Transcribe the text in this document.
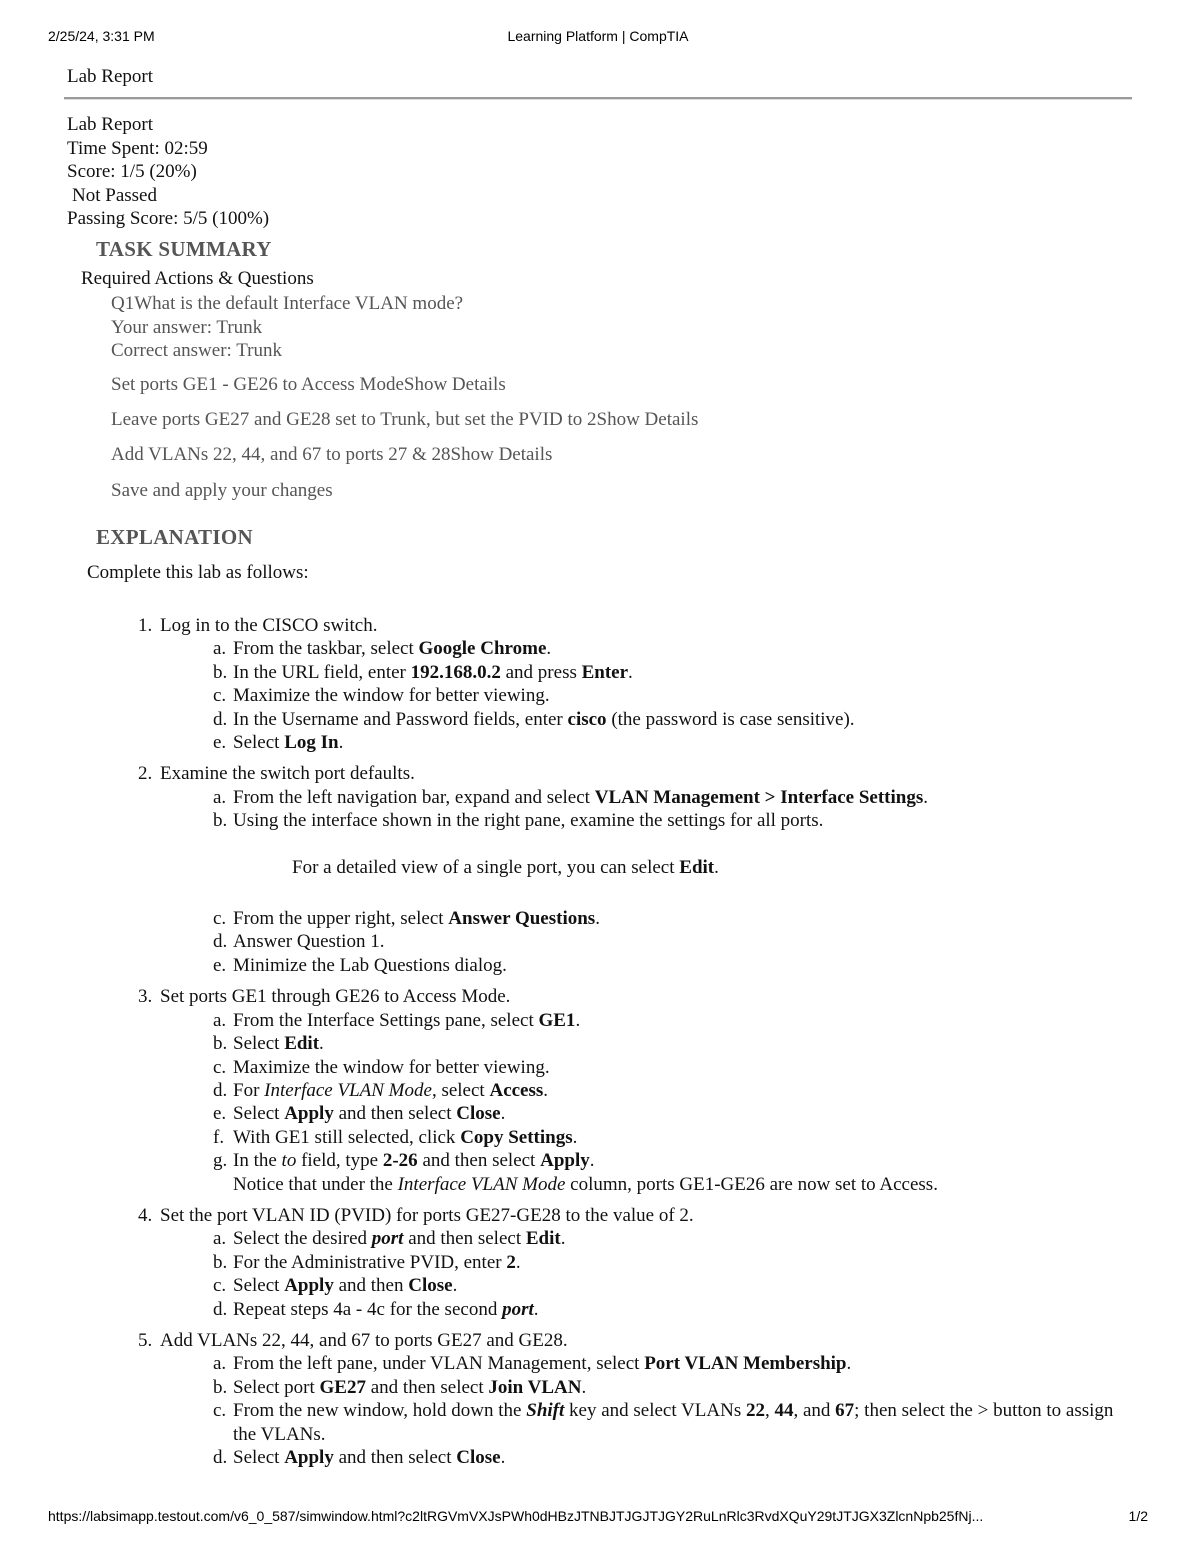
2/25/24, 3:31 PM	Learning Platform | CompTIA
Lab Report
Lab Report
Time Spent: 02:59
Score: 1/5 (20%)
Not Passed
Passing Score: 5/5 (100%)
TASK SUMMARY
Required Actions & Questions
Q1What is the default Interface VLAN mode?
Your answer: Trunk
Correct answer: Trunk
Set ports GE1 - GE26 to Access ModeShow Details
Leave ports GE27 and GE28 set to Trunk, but set the PVID to 2Show Details
Add VLANs 22, 44, and 67 to ports 27 & 28Show Details
Save and apply your changes
EXPLANATION
Complete this lab as follows:
1. Log in to the CISCO switch.
a. From the taskbar, select Google Chrome.
b. In the URL field, enter 192.168.0.2 and press Enter.
c. Maximize the window for better viewing.
d. In the Username and Password fields, enter cisco (the password is case sensitive).
e. Select Log In.
2. Examine the switch port defaults.
a. From the left navigation bar, expand and select VLAN Management > Interface Settings.
b. Using the interface shown in the right pane, examine the settings for all ports.
For a detailed view of a single port, you can select Edit.
c. From the upper right, select Answer Questions.
d. Answer Question 1.
e. Minimize the Lab Questions dialog.
3. Set ports GE1 through GE26 to Access Mode.
a. From the Interface Settings pane, select GE1.
b. Select Edit.
c. Maximize the window for better viewing.
d. For Interface VLAN Mode, select Access.
e. Select Apply and then select Close.
f. With GE1 still selected, click Copy Settings.
g. In the to field, type 2-26 and then select Apply.
Notice that under the Interface VLAN Mode column, ports GE1-GE26 are now set to Access.
4. Set the port VLAN ID (PVID) for ports GE27-GE28 to the value of 2.
a. Select the desired port and then select Edit.
b. For the Administrative PVID, enter 2.
c. Select Apply and then Close.
d. Repeat steps 4a - 4c for the second port.
5. Add VLANs 22, 44, and 67 to ports GE27 and GE28.
a. From the left pane, under VLAN Management, select Port VLAN Membership.
b. Select port GE27 and then select Join VLAN.
c. From the new window, hold down the Shift key and select VLANs 22, 44, and 67; then select the > button to assign the VLANs.
d. Select Apply and then select Close.
https://labsimapp.testout.com/v6_0_587/simwindow.html?c2ltRGVmVXJsPWh0dHBzJTNBJTJGJTJGY2RuLnRlc3RvdXQuY29tJTJGX3ZlcnNpb25fNj...	1/2
